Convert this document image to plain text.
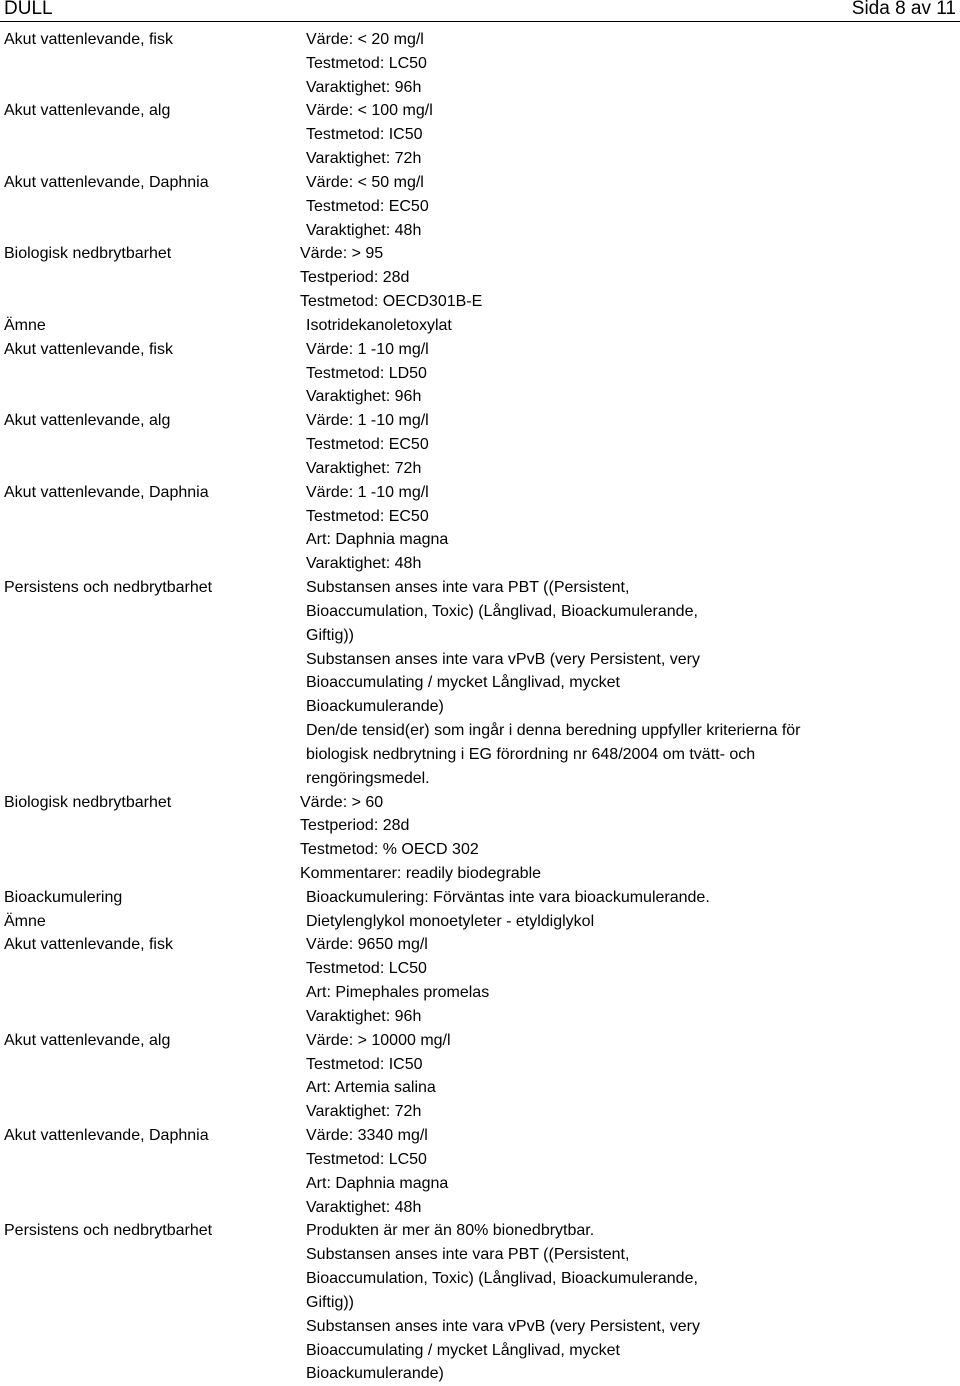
DULL	Sida 8 av 11
Akut vattenlevande, fisk	Värde: < 20 mg/l
Testmetod: LC50
Varaktighet: 96h
Akut vattenlevande, alg	Värde: < 100 mg/l
Testmetod: IC50
Varaktighet: 72h
Akut vattenlevande, Daphnia	Värde: < 50 mg/l
Testmetod: EC50
Varaktighet: 48h
Biologisk nedbrytbarhet	Värde: > 95
Testperiod: 28d
Testmetod: OECD301B-E
Ämne	Isotridekanoletoxylat
Akut vattenlevande, fisk	Värde: 1 -10 mg/l
Testmetod: LD50
Varaktighet: 96h
Akut vattenlevande, alg	Värde: 1 -10 mg/l
Testmetod: EC50
Varaktighet: 72h
Akut vattenlevande, Daphnia	Värde: 1 -10 mg/l
Testmetod: EC50
Art: Daphnia magna
Varaktighet: 48h
Persistens och nedbrytbarhet	Substansen anses inte vara PBT ((Persistent,
Bioaccumulation, Toxic) (Långlivad, Bioackumulerande,
Giftig))
Substansen anses inte vara vPvB (very Persistent, very
Bioaccumulating / mycket Långlivad, mycket
Bioackumulerande)
Den/de tensid(er) som ingår i denna beredning uppfyller kriterierna för
biologisk nedbrytning i EG förordning nr 648/2004 om tvätt- och
rengöringsmedel.
Biologisk nedbrytbarhet	Värde: > 60
Testperiod: 28d
Testmetod: % OECD 302
Kommentarer: readily biodegrable
Bioackumulering	Bioackumulering: Förväntas inte vara bioackumulerande.
Ämne	Dietylenglykol monoetyleter - etyldiglykol
Akut vattenlevande, fisk	Värde: 9650 mg/l
Testmetod: LC50
Art: Pimephales promelas
Varaktighet: 96h
Akut vattenlevande, alg	Värde: > 10000 mg/l
Testmetod: IC50
Art: Artemia salina
Varaktighet: 72h
Akut vattenlevande, Daphnia	Värde: 3340 mg/l
Testmetod: LC50
Art: Daphnia magna
Varaktighet: 48h
Persistens och nedbrytbarhet	Produkten är mer än 80% bionedbrytbar.
Substansen anses inte vara PBT ((Persistent,
Bioaccumulation, Toxic) (Långlivad, Bioackumulerande,
Giftig))
Substansen anses inte vara vPvB (very Persistent, very
Bioaccumulating / mycket Långlivad, mycket
Bioackumulerande)
